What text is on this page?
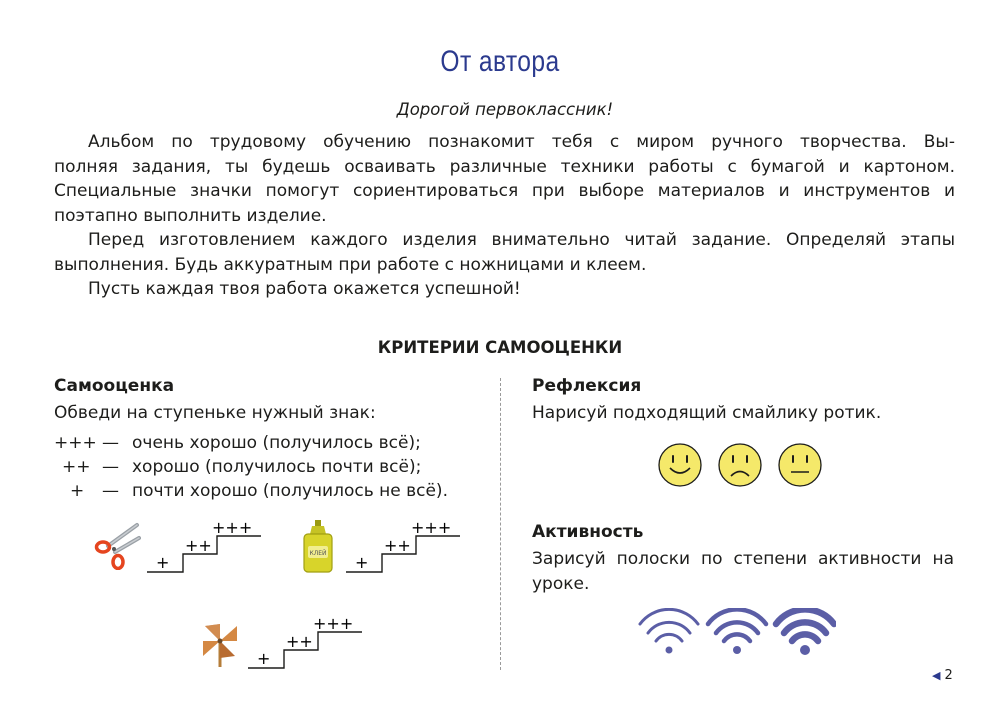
От автора
Дорогой первоклассник!

Альбом по трудовому обучению познакомит тебя с миром ручного творчества. Вы-

полняя задания, ты будешь осваивать различные техники работы с бумагой и картоном. Специальные значки помогут сориентироваться при выборе материалов и инструментов и поэтапно выполнить изделие.

Перед изготовлением каждого изделия внимательно читай задание. Определяй этапы выполнения. Будь аккуратным при работе с ножницами и клеем.

Пусть каждая твоя работа окажется успешной!

КРИТЕРИИ САМООЦЕНКИ
Самооценка
Обведи на ступеньке нужный знак:
+++ — очень хорошо (получилось всё);
++ — хорошо (получилось почти всё);
+ — почти хорошо (получилось не всё).
КЛЕЙ
+
++
+++
+
++
+++
+
++
+++
Рефлексия
Нарисуй подходящий смайлику ротик.
Активность
Зарисуй полоски по степени активности на уроке.
◀ 2
